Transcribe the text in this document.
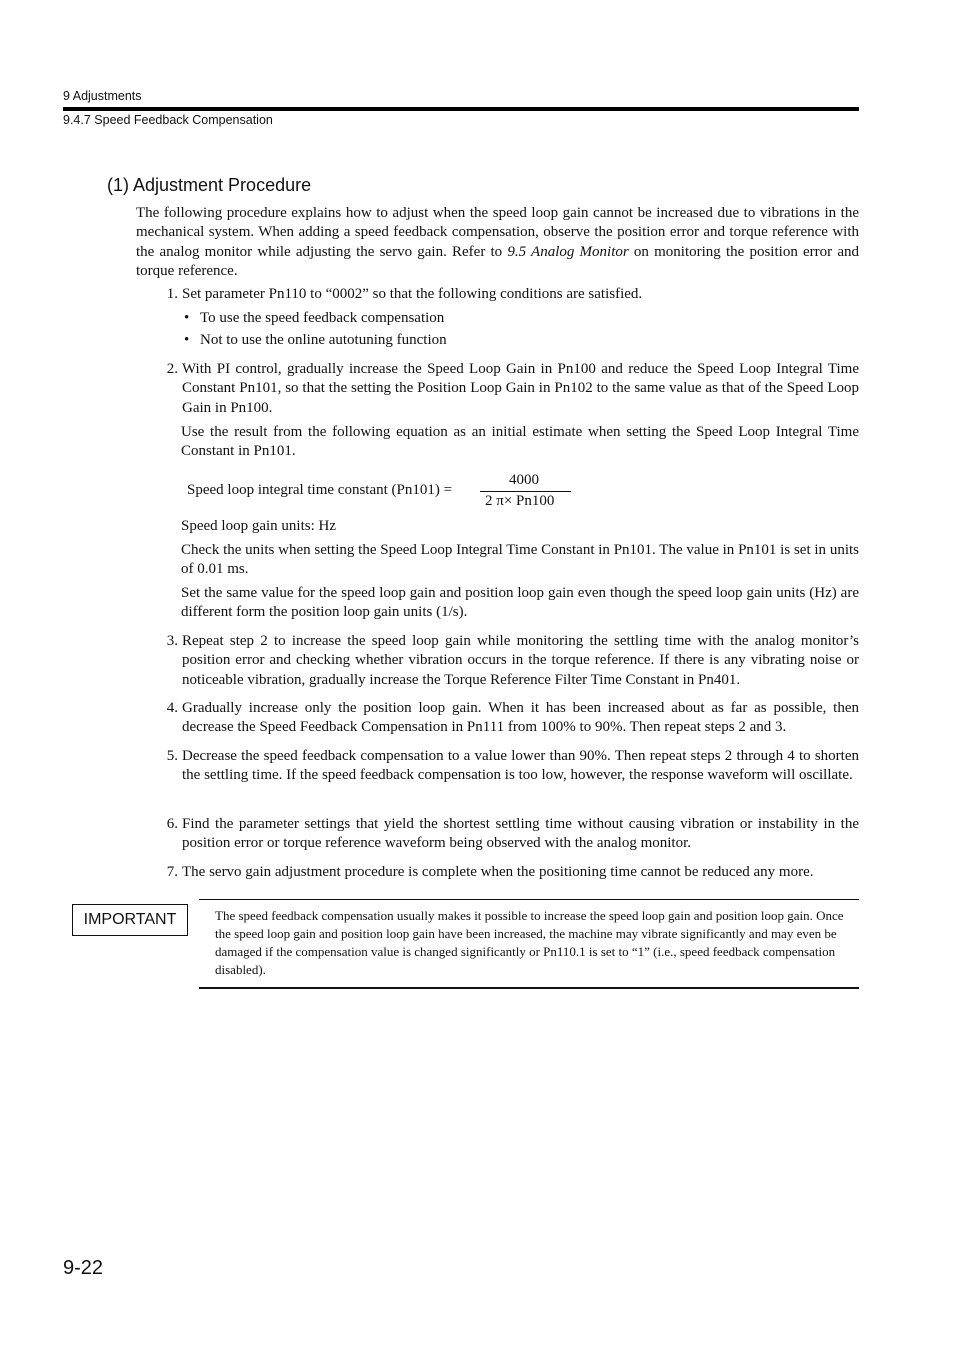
9 Adjustments
9.4.7 Speed Feedback Compensation
(1) Adjustment Procedure
The following procedure explains how to adjust when the speed loop gain cannot be increased due to vibrations in the mechanical system. When adding a speed feedback compensation, observe the position error and torque reference with the analog monitor while adjusting the servo gain. Refer to 9.5 Analog Monitor on monitoring the position error and torque reference.
1. Set parameter Pn110 to “0002” so that the following conditions are satisfied.
• To use the speed feedback compensation
• Not to use the online autotuning function
2. With PI control, gradually increase the Speed Loop Gain in Pn100 and reduce the Speed Loop Integral Time Constant Pn101, so that the setting the Position Loop Gain in Pn102 to the same value as that of the Speed Loop Gain in Pn100.
Use the result from the following equation as an initial estimate when setting the Speed Loop Integral Time Constant in Pn101.
Speed loop integral time constant (Pn101) =
4000
2 π× Pn100
Speed loop gain units: Hz
Check the units when setting the Speed Loop Integral Time Constant in Pn101. The value in Pn101 is set in units of 0.01 ms.
Set the same value for the speed loop gain and position loop gain even though the speed loop gain units (Hz) are different form the position loop gain units (1/s).
3. Repeat step 2 to increase the speed loop gain while monitoring the settling time with the analog monitor’s position error and checking whether vibration occurs in the torque reference. If there is any vibrating noise or noticeable vibration, gradually increase the Torque Reference Filter Time Constant in Pn401.
4. Gradually increase only the position loop gain. When it has been increased about as far as possible, then decrease the Speed Feedback Compensation in Pn111 from 100% to 90%. Then repeat steps 2 and 3.
5. Decrease the speed feedback compensation to a value lower than 90%. Then repeat steps 2 through 4 to shorten the settling time. If the speed feedback compensation is too low, however, the response waveform will oscillate.
6. Find the parameter settings that yield the shortest settling time without causing vibration or instability in the position error or torque reference waveform being observed with the analog monitor.
7. The servo gain adjustment procedure is complete when the positioning time cannot be reduced any more.
IMPORTANT	The speed feedback compensation usually makes it possible to increase the speed loop gain and position loop gain. Once the speed loop gain and position loop gain have been increased, the machine may vibrate significantly and may even be damaged if the compensation value is changed significantly or Pn110.1 is set to “1” (i.e., speed feedback compensation disabled).
9-22
